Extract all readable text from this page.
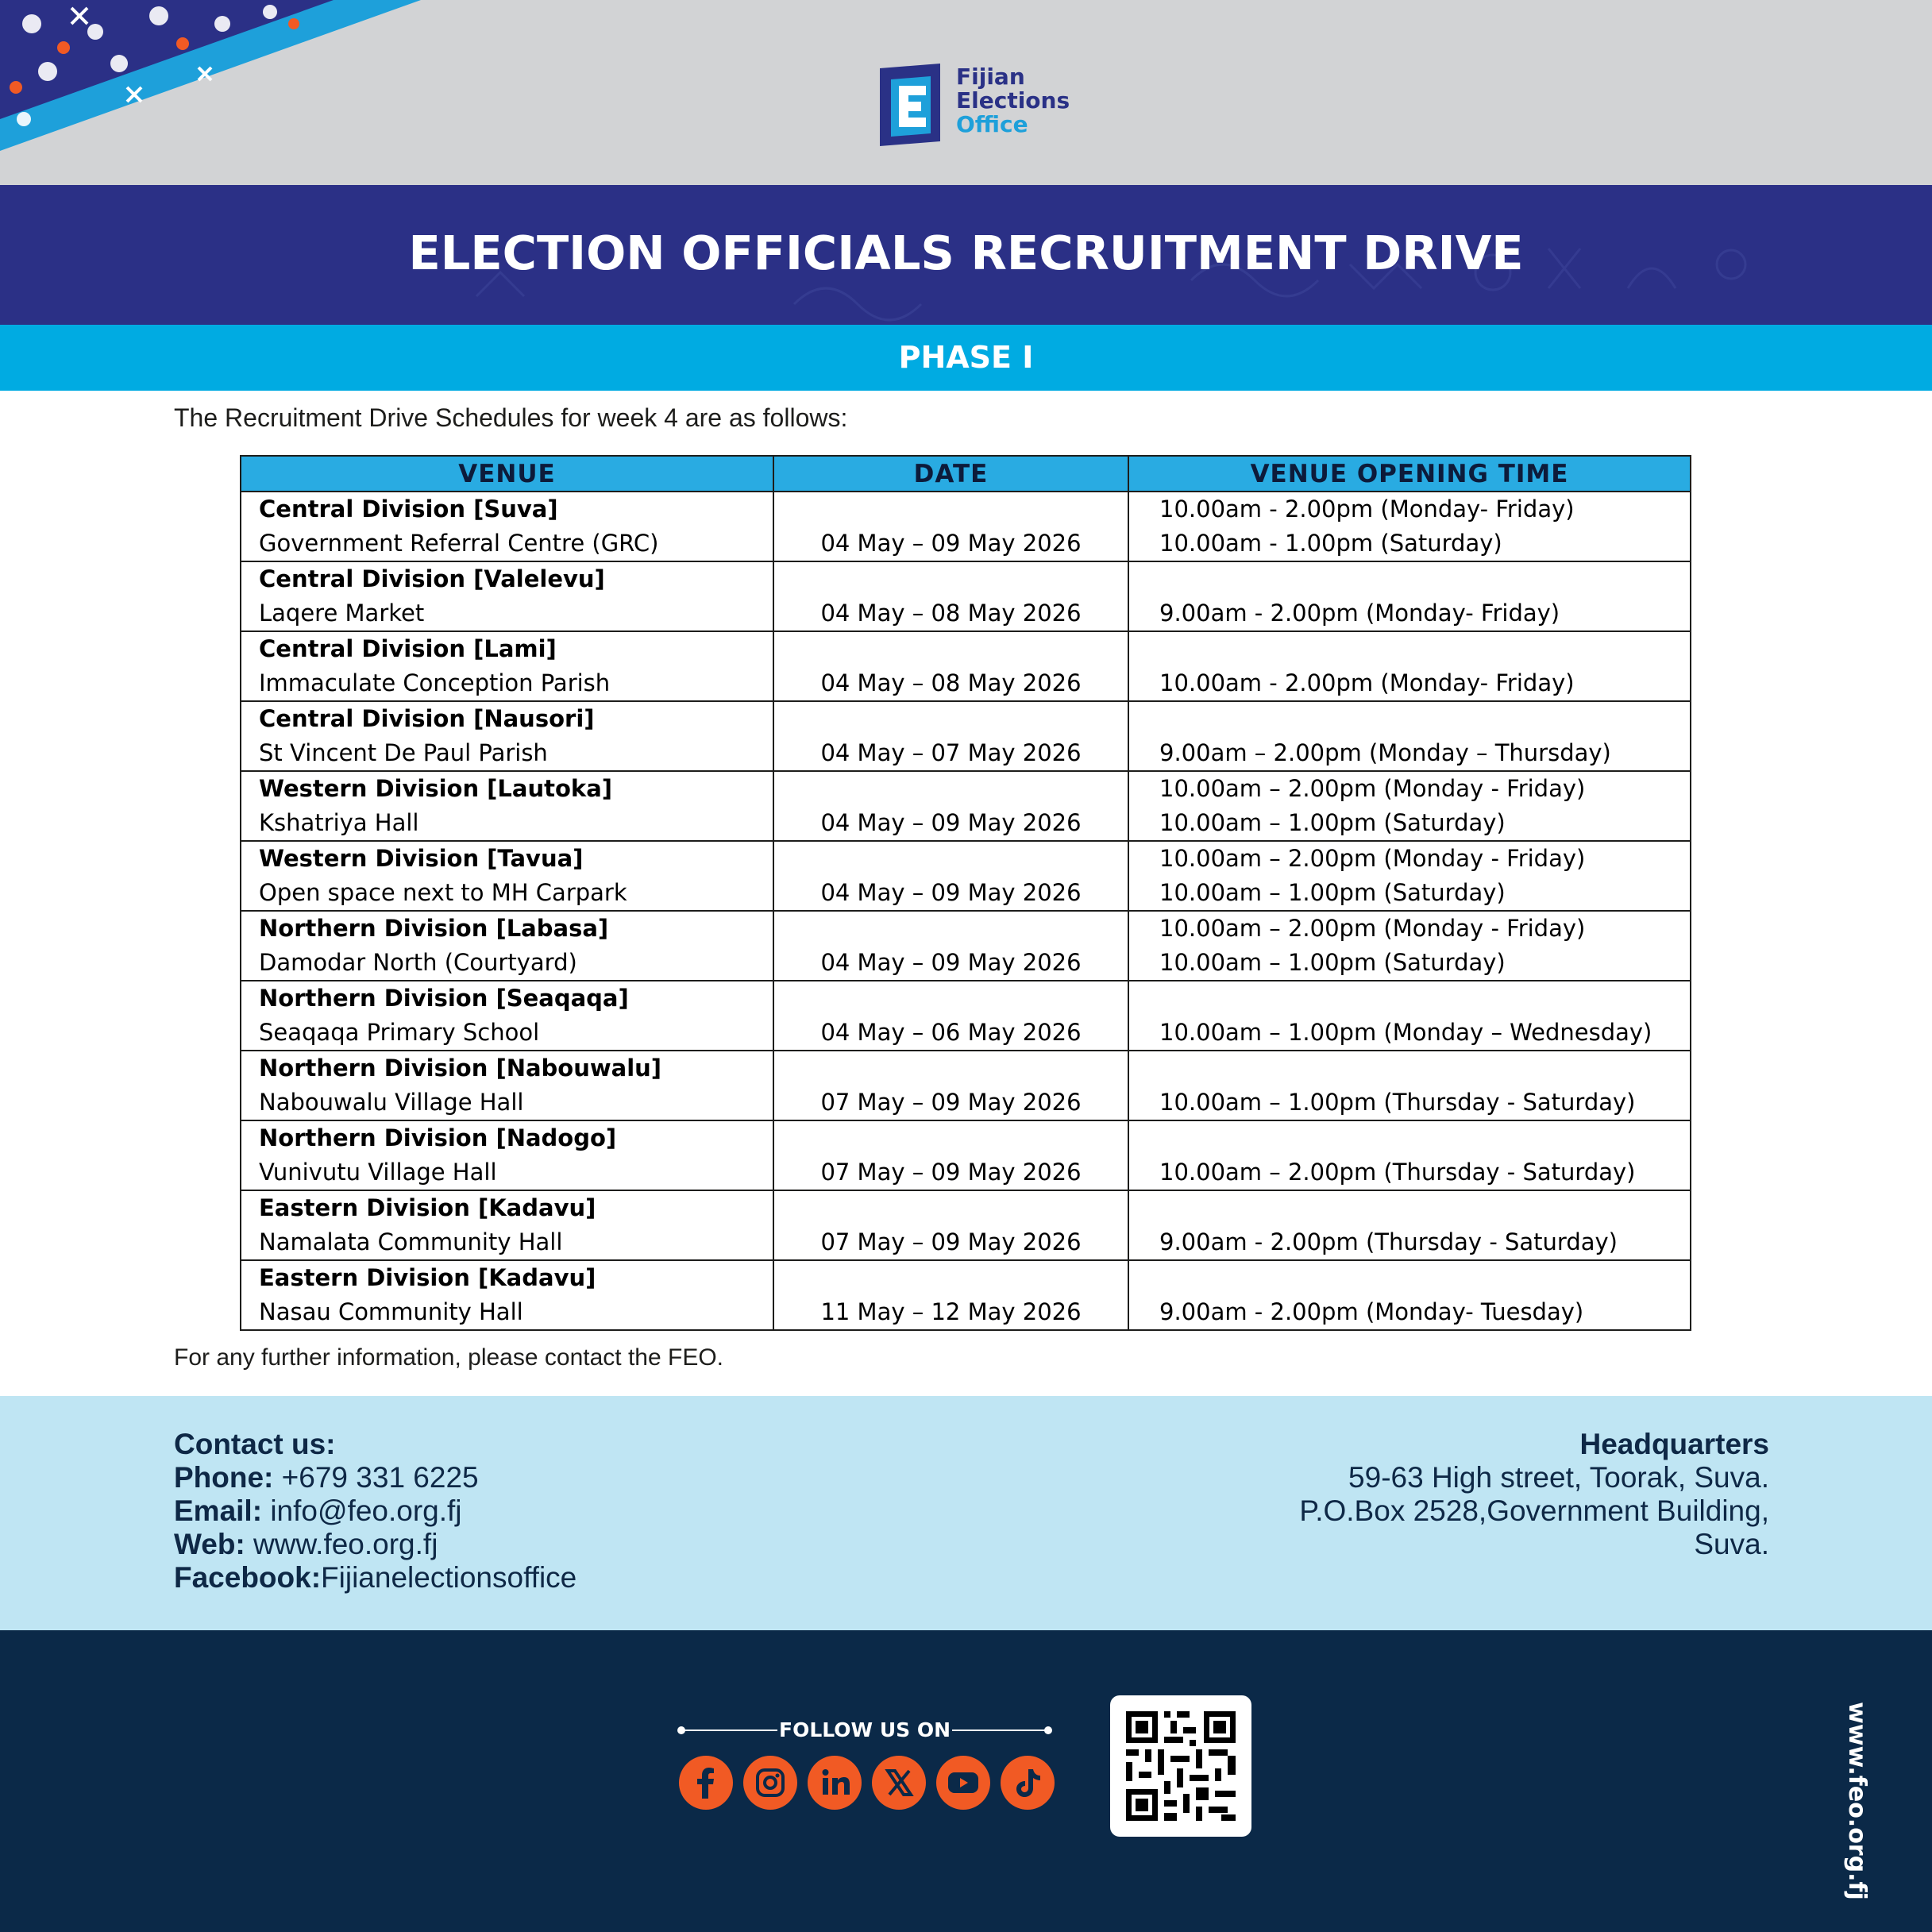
Fijian
Elections
Office
ELECTION OFFICIALS RECRUITMENT DRIVE
PHASE I
The Recruitment Drive Schedules for week 4 are as follows:
VENUE	DATE	VENUE OPENING TIME

Central Division [Suva]
Government Referral Centre (GRC)	04 May – 09 May 2026	10.00am - 2.00pm (Monday- Friday)
10.00am - 1.00pm (Saturday)

Central Division [Valelevu]
Laqere Market	04 May – 08 May 2026	9.00am - 2.00pm (Monday- Friday)

Central Division [Lami]
Immaculate Conception Parish	04 May – 08 May 2026	10.00am - 2.00pm (Monday- Friday)

Central Division [Nausori]
St Vincent De Paul Parish	04 May – 07 May 2026	9.00am – 2.00pm (Monday – Thursday)

Western Division [Lautoka]
Kshatriya Hall	04 May – 09 May 2026	10.00am – 2.00pm (Monday - Friday)
10.00am – 1.00pm (Saturday)

Western Division [Tavua]
Open space next to MH Carpark	04 May – 09 May 2026	10.00am – 2.00pm (Monday - Friday)
10.00am – 1.00pm (Saturday)

Northern Division [Labasa]
Damodar North (Courtyard)	04 May – 09 May 2026	10.00am – 2.00pm (Monday - Friday)
10.00am – 1.00pm (Saturday)

Northern Division [Seaqaqa]
Seaqaqa Primary School	04 May – 06 May 2026	10.00am – 1.00pm (Monday – Wednesday)

Northern Division [Nabouwalu]
Nabouwalu Village Hall	07 May – 09 May 2026	10.00am – 1.00pm (Thursday - Saturday)

Northern Division [Nadogo]
Vunivutu Village Hall	07 May – 09 May 2026	10.00am – 2.00pm (Thursday - Saturday)

Eastern Division [Kadavu]
Namalata Community Hall	07 May – 09 May 2026	9.00am - 2.00pm (Thursday - Saturday)

Eastern Division [Kadavu]
Nasau Community Hall	11 May – 12 May 2026	9.00am - 2.00pm (Monday- Tuesday)
For any further information, please contact the FEO.
Contact us:
Phone: +679 331 6225
Email: info@feo.org.fj
Web: www.feo.org.fj
Facebook:Fijianelectionsoffice
Headquarters
59-63 High street, Toorak, Suva.
P.O.Box 2528,Government Building,
Suva.
FOLLOW US ON	www.feo.org.fj
